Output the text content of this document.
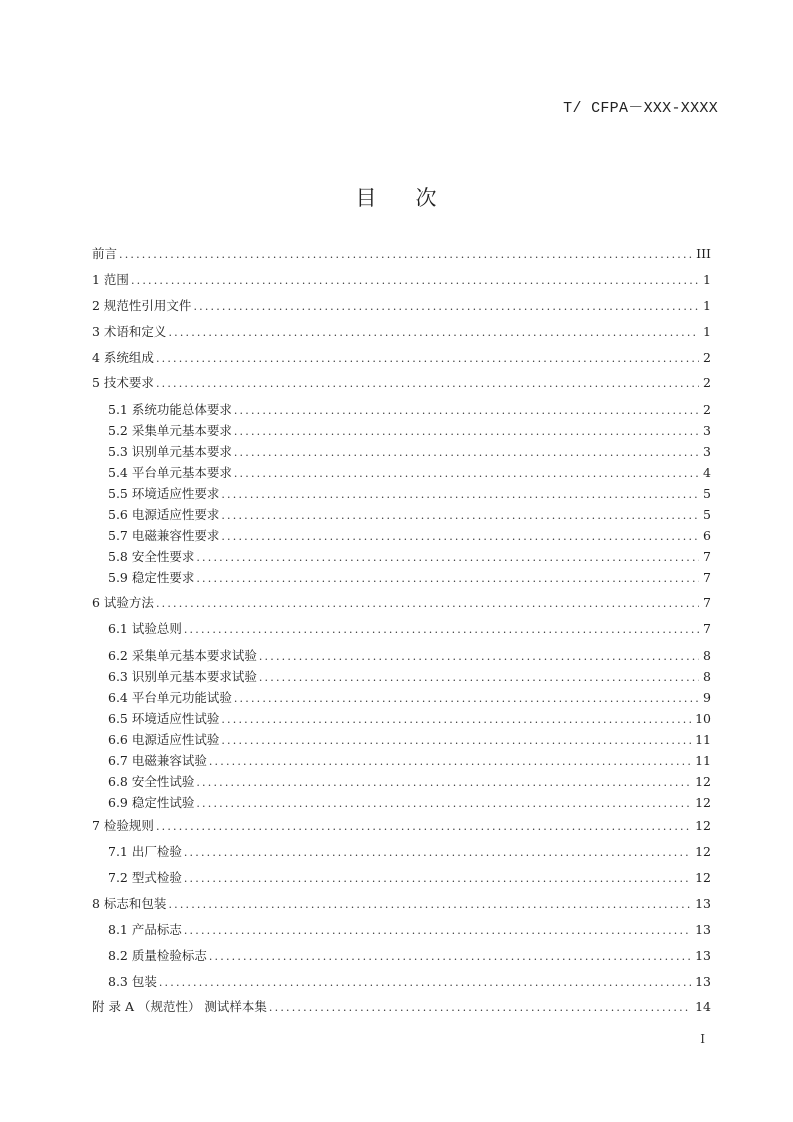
T/ CFPA－XXX-XXXX
目 次
前言 .....	III
1 范围 .....	1
2 规范性引用文件 .....	1
3 术语和定义 .....	1
4 系统组成 .....	2
5 技术要求 .....	2
5.1 系统功能总体要求 .....	2
5.2 采集单元基本要求 .....	3
5.3 识别单元基本要求 .....	3
5.4 平台单元基本要求 .....	4
5.5 环境适应性要求 .....	5
5.6 电源适应性要求 .....	5
5.7 电磁兼容性要求 .....	6
5.8 安全性要求 .....	7
5.9 稳定性要求 .....	7
6 试验方法 .....	7
6.1 试验总则 .....	7
6.2 采集单元基本要求试验 .....	8
6.3 识别单元基本要求试验 .....	8
6.4 平台单元功能试验 .....	9
6.5 环境适应性试验 .....	10
6.6 电源适应性试验 .....	11
6.7 电磁兼容试验 .....	11
6.8 安全性试验 .....	12
6.9 稳定性试验 .....	12
7 检验规则 .....	12
7.1 出厂检验 .....	12
7.2 型式检验 .....	12
8 标志和包装 .....	13
8.1 产品标志 .....	13
8.2 质量检验标志 .....	13
8.3 包装 .....	13
附 录 A （规范性） 测试样本集 .....	14
I
